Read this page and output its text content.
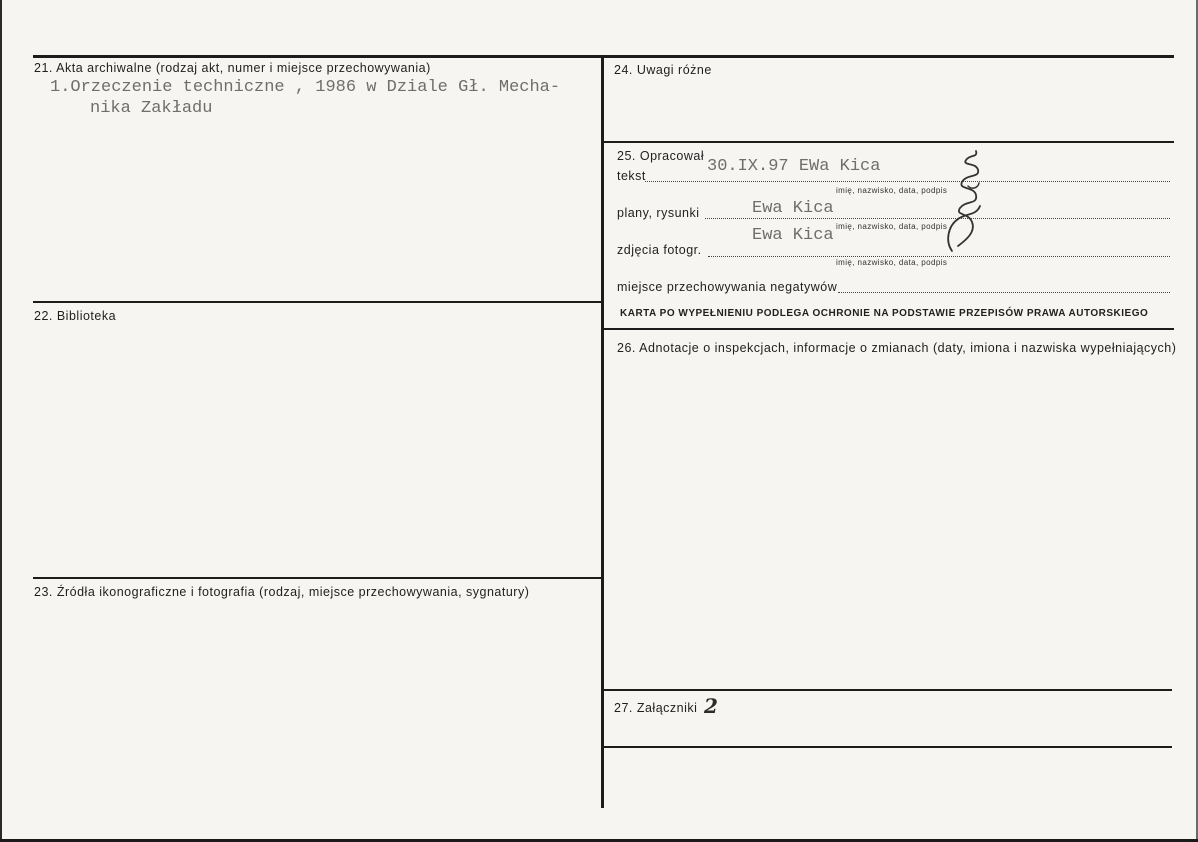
21. Akta archiwalne (rodzaj akt, numer i miejsce przechowywania)
1.Orzeczenie techniczne , 1986 w Dziale Gł. Mecha-
nika Zakładu
22. Biblioteka
23. Źródła ikonograficzne i fotografia (rodzaj, miejsce przechowywania, sygnatury)
24. Uwagi różne
25. Opracował
tekst	30.IX.97 EWa Kica
imię, nazwisko, data, podpis
plany, rysunki	Ewa Kica
imię, nazwisko, data, podpis
Ewa Kica
zdjęcia fotogr.
imię, nazwisko, data, podpis
miejsce przechowywania negatywów
KARTA PO WYPEŁNIENIU PODLEGA OCHRONIE NA PODSTAWIE PRZEPISÓW PRAWA AUTORSKIEGO
26. Adnotacje o inspekcjach, informacje o zmianach (daty, imiona i nazwiska wypełniających)
27. Załączniki 2
